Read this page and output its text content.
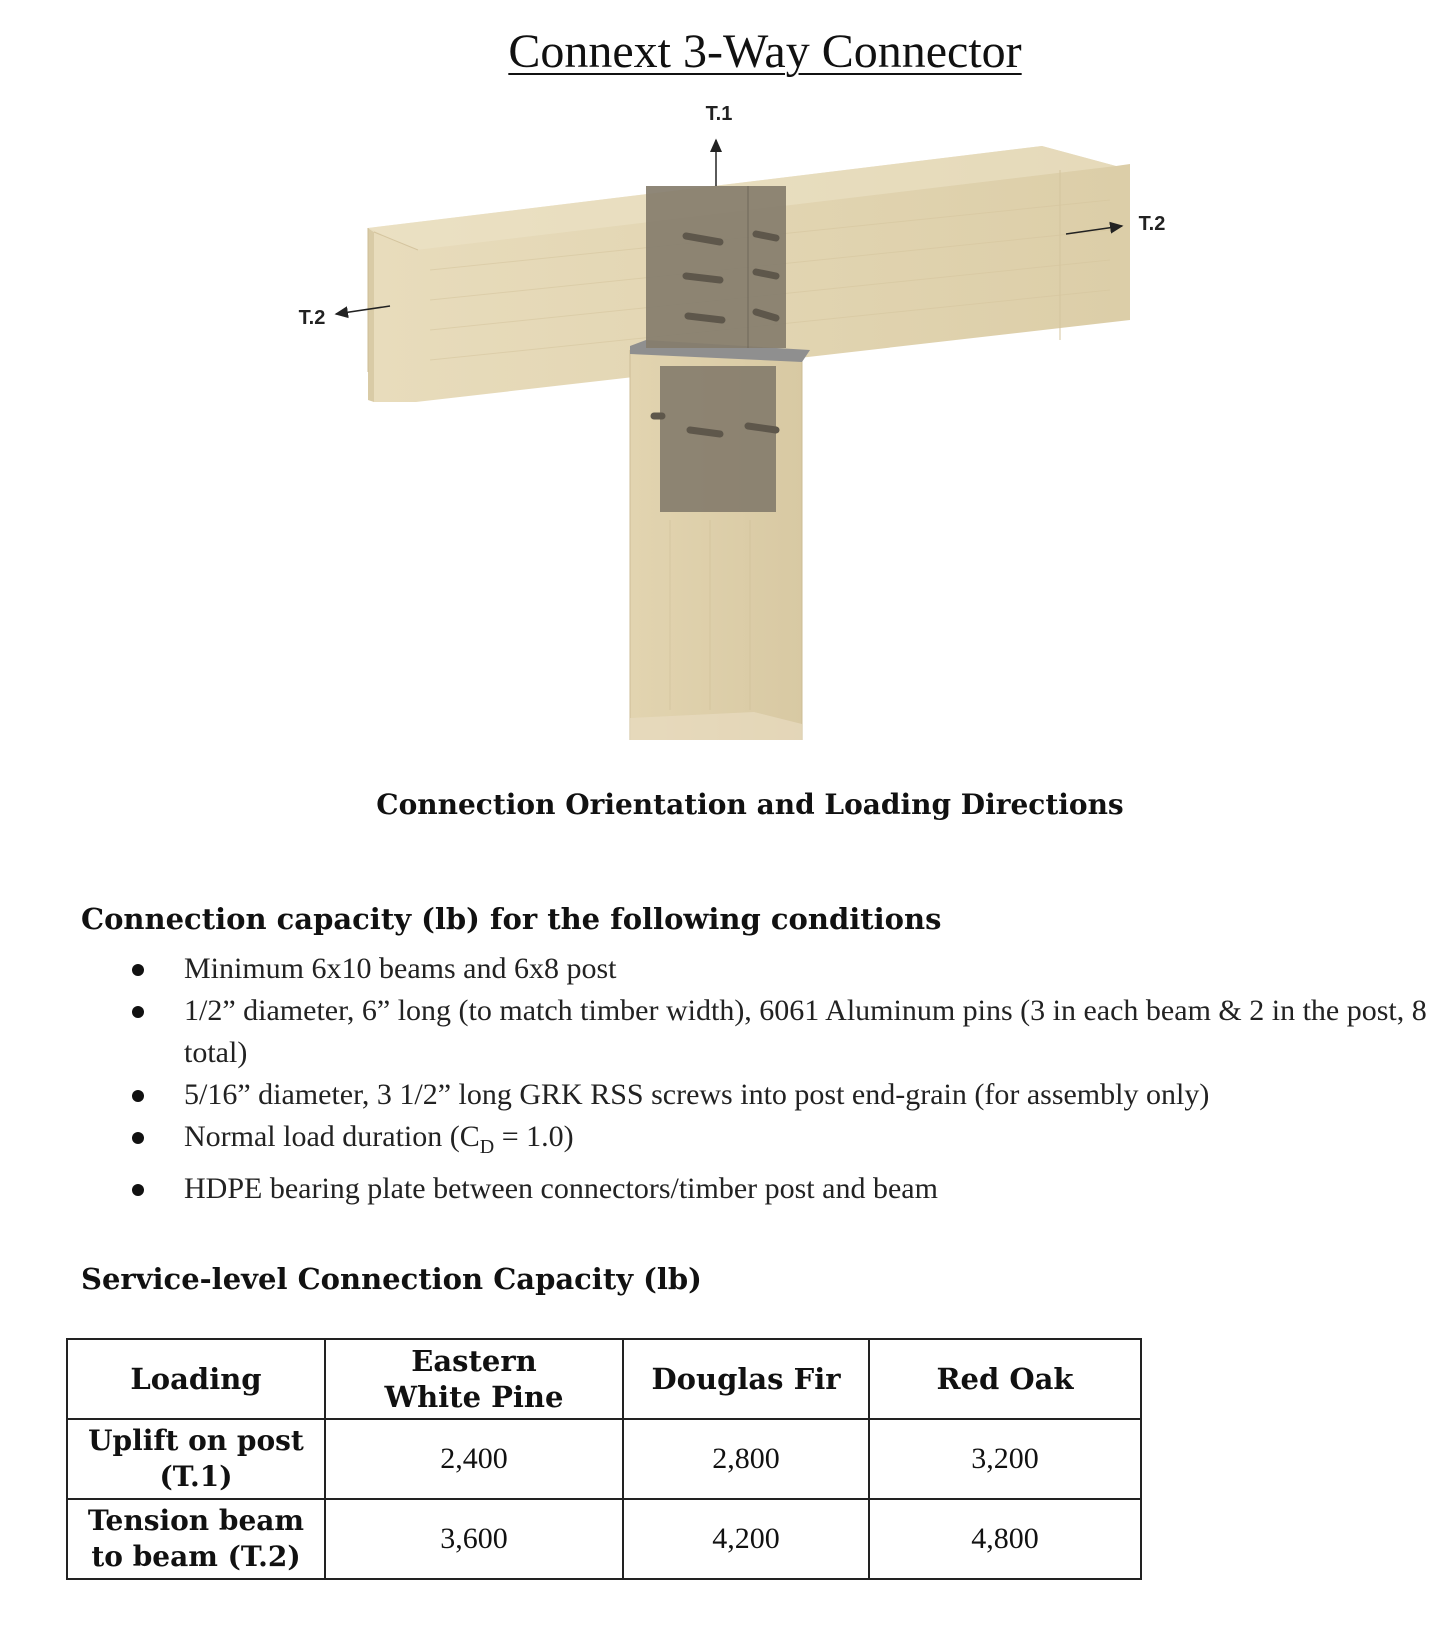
Connext 3-Way Connector
T.1
T.2
T.2
Connection Orientation and Loading Directions
Connection capacity (lb) for the following conditions
Minimum 6x10 beams and 6x8 post
1/2” diameter, 6” long (to match timber width), 6061 Aluminum pins (3 in each beam & 2 in the post, 8 total)
5/16” diameter, 3 1/2” long GRK RSS screws into post end-grain (for assembly only)
Normal load duration $(C_D = 1.0)$
HDPE bearing plate between connectors/timber post and beam
Service-level Connection Capacity (lb)
Loading	Eastern White Pine	Douglas Fir	Red Oak

Uplift on post (T.1)	2,400	2,800	3,200

Tension beam to beam (T.2)	3,600	4,200	4,800
